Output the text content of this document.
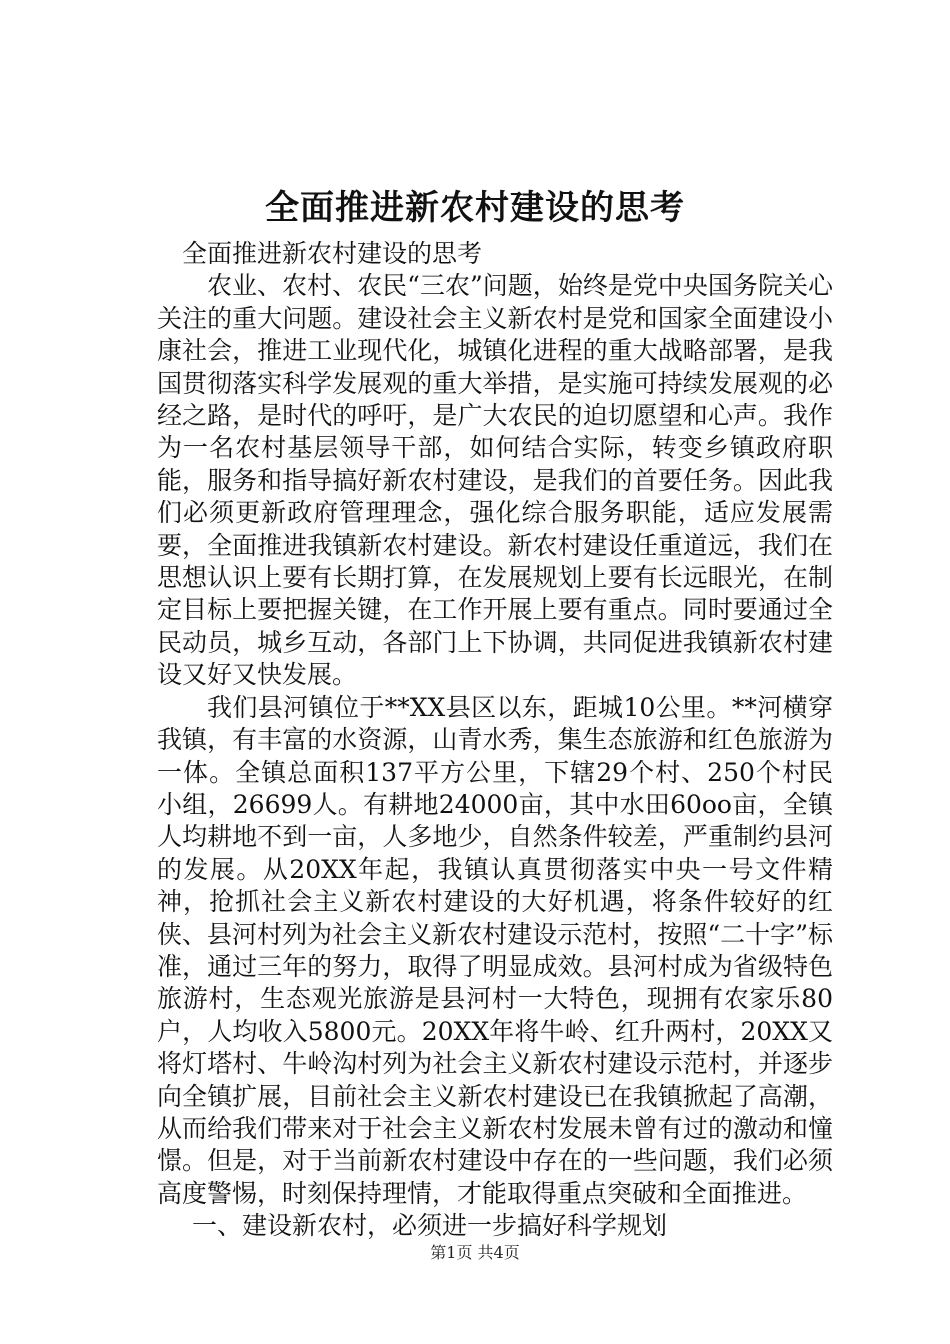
全面推进新农村建设的思考

全面推进新农村建设的思考

农业、农村、农民“三农”问题，始终是党中央国务院关心关注的重大问题。建设社会主义新农村是党和国家全面建设小康社会，推进工业现代化，城镇化进程的重大战略部署，是我国贯彻落实科学发展观的重大举措，是实施可持续发展观的必经之路，是时代的呼吁，是广大农民的迫切愿望和心声。我作为一名农村基层领导干部，如何结合实际，转变乡镇政府职能，服务和指导搞好新农村建设，是我们的首要任务。因此我们必须更新政府管理理念，强化综合服务职能，适应发展需要，全面推进我镇新农村建设。新农村建设任重道远，我们在思想认识上要有长期打算，在发展规划上要有长远眼光，在制定目标上要把握关键，在工作开展上要有重点。同时要通过全民动员，城乡互动，各部门上下协调，共同促进我镇新农村建设又好又快发展。

我们县河镇位于**XX县区以东，距城10公里。**河横穿我镇，有丰富的水资源，山青水秀，集生态旅游和红色旅游为一体。全镇总面积137平方公里，下辖29个村、250个村民小组，26699人。有耕地24000亩，其中水田60oo亩，全镇人均耕地不到一亩，人多地少，自然条件较差，严重制约县河的发展。从20XX年起，我镇认真贯彻落实中央一号文件精神，抢抓社会主义新农村建设的大好机遇，将条件较好的红侠、县河村列为社会主义新农村建设示范村，按照“二十字”标准，通过三年的努力，取得了明显成效。县河村成为省级特色旅游村，生态观光旅游是县河村一大特色，现拥有农家乐80户，人均收入5800元。20XX年将牛岭、红升两村，20XX又将灯塔村、牛岭沟村列为社会主义新农村建设示范村，并逐步向全镇扩展，目前社会主义新农村建设已在我镇掀起了高潮，从而给我们带来对于社会主义新农村发展未曾有过的激动和憧憬。但是，对于当前新农村建设中存在的一些问题，我们必须高度警惕，时刻保持理情，才能取得重点突破和全面推进。

一、建设新农村，必须进一步搞好科学规划

第1页 共4页
